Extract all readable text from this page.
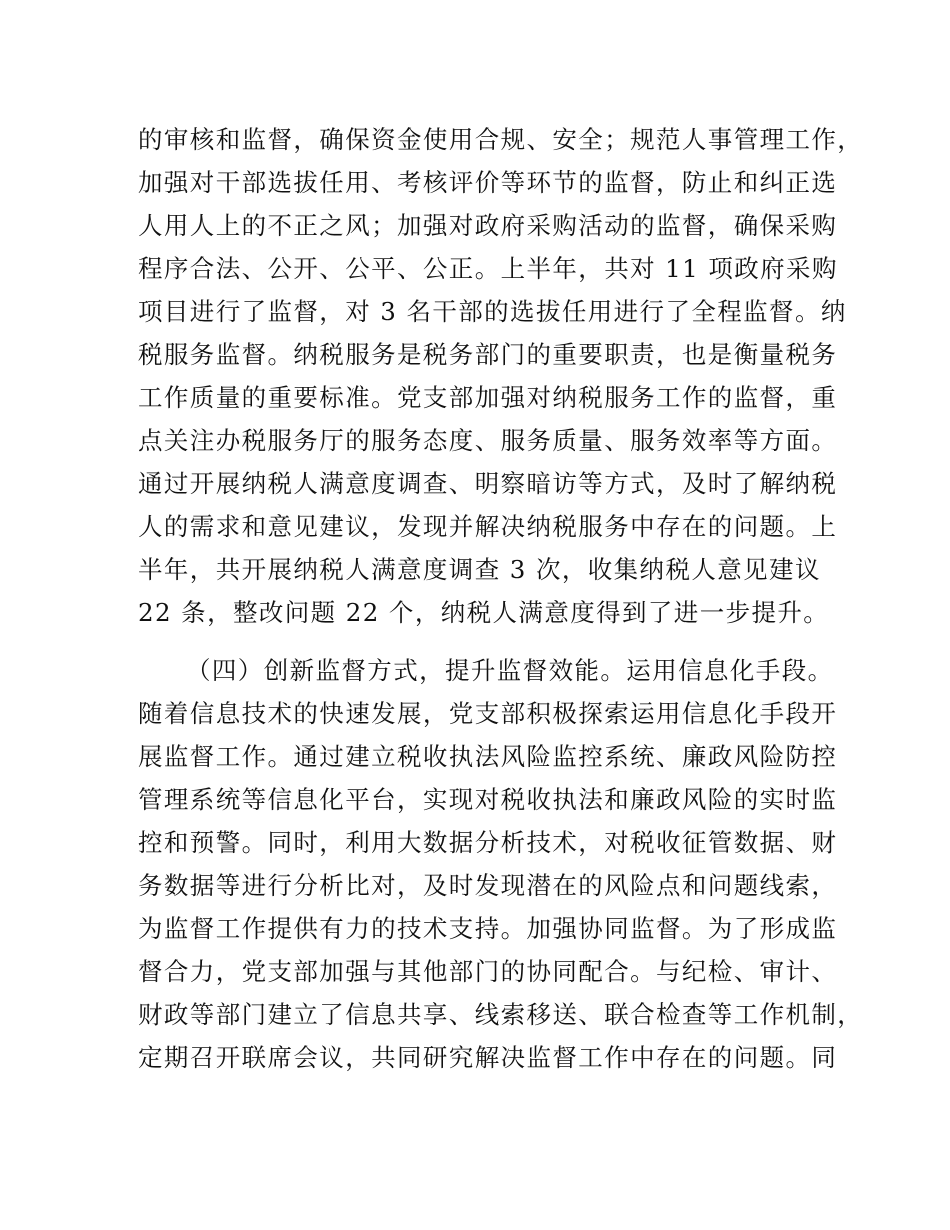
的审核和监督，确保资金使用合规、安全；规范人事管理工作，
加强对干部选拔任用、考核评价等环节的监督，防止和纠正选
人用人上的不正之风；加强对政府采购活动的监督，确保采购
程序合法、公开、公平、公正。上半年，共对 11 项政府采购
项目进行了监督，对 3 名干部的选拔任用进行了全程监督。纳
税服务监督。纳税服务是税务部门的重要职责，也是衡量税务
工作质量的重要标准。党支部加强对纳税服务工作的监督，重
点关注办税服务厅的服务态度、服务质量、服务效率等方面。
通过开展纳税人满意度调查、明察暗访等方式，及时了解纳税
人的需求和意见建议，发现并解决纳税服务中存在的问题。上
半年，共开展纳税人满意度调查 3 次，收集纳税人意见建议
22 条，整改问题 22 个，纳税人满意度得到了进一步提升。
（四）创新监督方式，提升监督效能。运用信息化手段。
随着信息技术的快速发展，党支部积极探索运用信息化手段开
展监督工作。通过建立税收执法风险监控系统、廉政风险防控
管理系统等信息化平台，实现对税收执法和廉政风险的实时监
控和预警。同时，利用大数据分析技术，对税收征管数据、财
务数据等进行分析比对，及时发现潜在的风险点和问题线索，
为监督工作提供有力的技术支持。加强协同监督。为了形成监
督合力，党支部加强与其他部门的协同配合。与纪检、审计、
财政等部门建立了信息共享、线索移送、联合检查等工作机制，
定期召开联席会议，共同研究解决监督工作中存在的问题。同
